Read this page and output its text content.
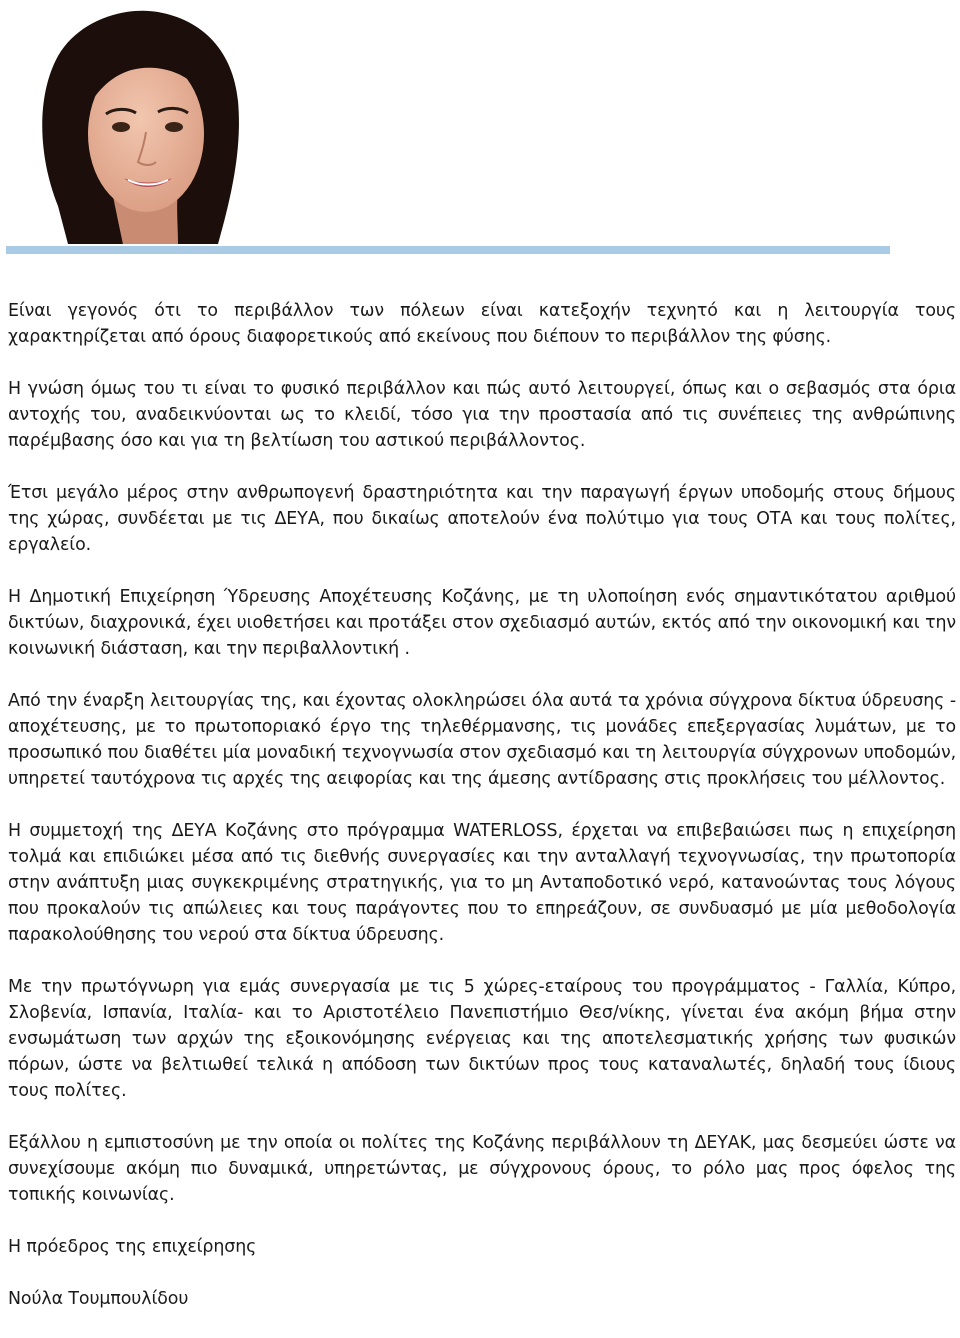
Είναι γεγονός ότι το περιβάλλον των πόλεων είναι κατεξοχήν τεχνητό και η λειτουργία τους χαρακτηρίζεται από όρους διαφορετικούς από εκείνους που διέπουν το περιβάλλον της φύσης.

Η γνώση όμως του τι είναι το φυσικό περιβάλλον και πώς αυτό λειτουργεί, όπως και ο σεβασμός στα όρια αντοχής του, αναδεικνύονται ως το κλειδί, τόσο για την προστασία από τις συνέπειες της ανθρώπινης παρέμβασης όσο και για τη βελτίωση του αστικού περιβάλλοντος.

Έτσι μεγάλο μέρος στην ανθρωπογενή δραστηριότητα και την παραγωγή έργων υποδομής στους δήμους της χώρας, συνδέεται με τις ΔΕΥΑ, που δικαίως αποτελούν ένα πολύτιμο για τους ΟΤΑ και τους πολίτες, εργαλείο.

Η Δημοτική Επιχείρηση Ύδρευσης Αποχέτευσης Κοζάνης, με τη υλοποίηση ενός σημαντικότατου αριθμού δικτύων, διαχρονικά, έχει υιοθετήσει και προτάξει στον σχεδιασμό αυτών, εκτός από την οικονομική και την κοινωνική διάσταση, και την περιβαλλοντική .

Από την έναρξη λειτουργίας της, και έχοντας ολοκληρώσει όλα αυτά τα χρόνια σύγχρονα δίκτυα ύδρευσης - αποχέτευσης, με το πρωτοποριακό έργο της τηλεθέρμανσης, τις μονάδες επεξεργασίας λυμάτων, με το προσωπικό που διαθέτει μία μοναδική τεχνογνωσία στον σχεδιασμό και τη λειτουργία σύγχρονων υποδομών, υπηρετεί ταυτόχρονα τις αρχές της αειφορίας και της άμεσης αντίδρασης στις προκλήσεις του μέλλοντος.

Η συμμετοχή της ΔΕΥΑ Κοζάνης στο πρόγραμμα WATERLOSS, έρχεται να επιβεβαιώσει πως η επιχείρηση τολμά και επιδιώκει μέσα από τις διεθνής συνεργασίες και την ανταλλαγή τεχνογνωσίας, την πρωτοπορία στην ανάπτυξη μιας συγκεκριμένης στρατηγικής, για το μη Ανταποδοτικό νερό, κατανοώντας τους λόγους που προκαλούν τις απώλειες και τους παράγοντες που το επηρεάζουν, σε συνδυασμό με μία μεθοδολογία παρακολούθησης του νερού στα δίκτυα ύδρευσης.

Με την πρωτόγνωρη για εμάς συνεργασία με τις 5 χώρες-εταίρους του προγράμματος - Γαλλία, Κύπρο, Σλοβενία, Ισπανία, Ιταλία- και το Αριστοτέλειο Πανεπιστήμιο Θεσ/νίκης, γίνεται ένα ακόμη βήμα στην ενσωμάτωση των αρχών της εξοικονόμησης ενέργειας και της αποτελεσματικής χρήσης των φυσικών πόρων, ώστε να βελτιωθεί τελικά η απόδοση των δικτύων προς τους καταναλωτές, δηλαδή τους ίδιους τους πολίτες.

Εξάλλου η εμπιστοσύνη με την οποία οι πολίτες της Κοζάνης περιβάλλουν τη ΔΕΥΑΚ, μας δεσμεύει ώστε να συνεχίσουμε ακόμη πιο δυναμικά, υπηρετώντας, με σύγχρονους όρους, το ρόλο μας προς όφελος της τοπικής κοινωνίας.

Η πρόεδρος της επιχείρησης

Νούλα Τουμπουλίδου
